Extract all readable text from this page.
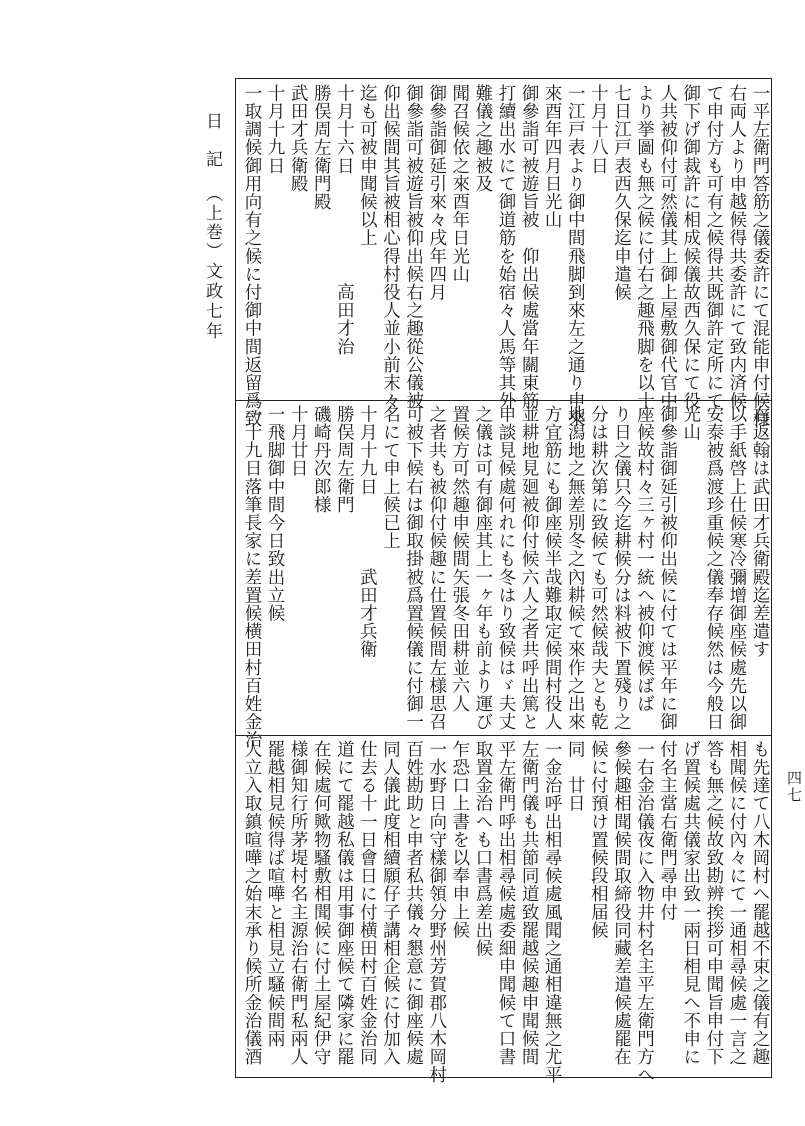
日　記
（上巻）
文政七年
四七
一平左衛門答筋之儀委許にて混能申付候様
右両人より申越候得共委許にて致内済候
て申付方も可有之候得共既御許定所にて
御下げ御裁許に相成候儀故西久保にて役
人共被仰付可然儀其上御上屋敷御代官中
より挙圖も無之候に付右之趣飛脚を以十
七日江戸表西久保迄申遣候
十月十八日
一江戸表より御中間飛脚到來左之通り申來
來酉年四月日光山
御參詣可被遊旨被　仰出候處當年關東筋
打續出水にて御道筋を始宿々人馬等其外
難儀之趣被及
聞召候依之來酉年日光山
御參詣御延引來々戌年四月
御參詣可被遊旨被仰出候右之趣從公儀被
仰出候間其旨被相心得村役人並小前末々
迄も可被申聞候以上
十月十六日　　　　　　高田才治
勝俣周左衛門殿
武田才兵衛殿
十月十九日
一取調候御用向有之候に付御中間返留爲致
右返翰は武田才兵衛殿迄差遣す
以手紙啓上仕候寒冷彌增御座候處先以御
安泰被爲渡珍重候之儀奉存候然は今般日
光山
御參詣御延引被仰出候に付ては平年に御
座候故村々三ヶ村一統へ被仰渡候ばば
り日之儀只今迄耕候分は料被下置殘り之
分は耕次第に致候ても可然候哉夫とも乾
地潟地之無差別冬之內耕候て來作之出來
方宜筋にも御座候半哉難取定候間村役人
並耕地見廻被仰付候六人之者共呼出篤と
申談見候處何れにも冬はり致候はゞ夫丈
之儀は可有御座其上一ヶ年も前より運び
置候方可然趣申候間矢張冬田耕並六人
之者共も被仰付候趣に仕置候間左様思召
可被下候右は御取掛被爲置候儀に付御一
名にて申上候已上
十月十九日　　　　武田才兵衛
勝俣周左衛門
磯崎丹次郎様
十月廿日
一飛脚御中間今日致出立候
一十九日落筆長家に差置候横田村百姓金治
も先達て八木岡村へ罷越不束之儀有之趣
相聞候に付內々にて一通相尋候處一言之
答も無之候故致勘辨挨拶可申聞旨申付下
げ置候處共儀家出致一兩日相見へ不申に
付名主當右衛門尋申付
一右金治儀夜に入物井村名主平左衛門方へ
參候趣相聞候間取締役同藏差遣候處罷在
候に付預け置候段相届候
同　廿日
一金治呼出相尋候處風聞之通相違無之尤平
左衛門儀も共節同道致罷越候趣申聞候間
平左衛門呼出相尋候處委細申聞候て口書
取置金治へも口書爲差出候
乍恐口上書を以奉申上候
一水野日向守樣御領分野州芳賀郡八木岡村
百姓勘助と申者私共儀々懇意に御座候處
同人儀此度相續願仔子講相企候に付加入
仕去る十一日會日に付横田村百姓金治同
道にて罷越私儀は用事御座候て隣家に罷
在候處何歟物騷敷相聞候に付土屋紀伊守
様御知行所茅堤村名主源治右衛門私兩人
罷越相見候得ば喧嘩と相見立騷候間兩
人立入取鎮喧嘩之始末承り候所金治儀酒
